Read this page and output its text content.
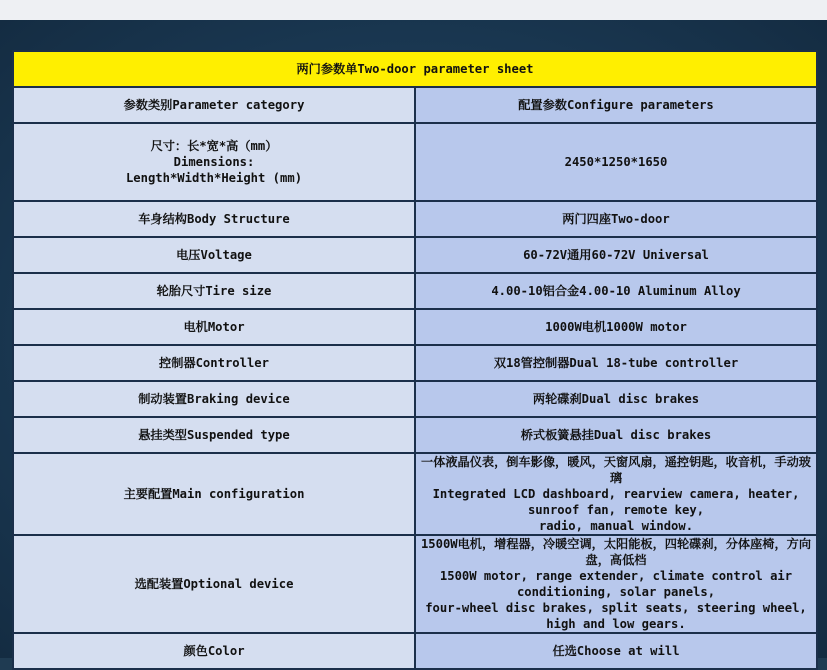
两门参数单Two-door parameter sheet	
参数类别Parameter category	配置参数Configure parameters

尺寸：长*宽*高（mm）
Dimensions:
Length*Width*Height (mm)	2450*1250*1650
车身结构Body Structure	两门四座Two-door
电压Voltage	60-72V通用60-72V Universal
轮胎尺寸Tire size	4.00-10铝合金4.00-10 Aluminum Alloy
电机Motor	1000W电机1000W motor
控制器Controller	双18管控制器Dual 18-tube controller
制动装置Braking device	两轮碟刹Dual disc brakes
悬挂类型Suspended type	桥式板簧悬挂Dual disc brakes
主要配置Main configuration	一体液晶仪表，倒车影像，暖风，天窗风扇，遥控钥匙，收音机，手动玻璃
Integrated LCD dashboard, rearview camera, heater, sunroof fan, remote key,
radio, manual window.

选配装置Optional device	1500W电机，增程器，冷暖空调，太阳能板，四轮碟刹，分体座椅，方向盘，高低档
1500W motor, range extender, climate control air conditioning, solar panels,
four-wheel disc brakes, split seats, steering wheel, high and low gears.

颜色Color	任选Choose at will
